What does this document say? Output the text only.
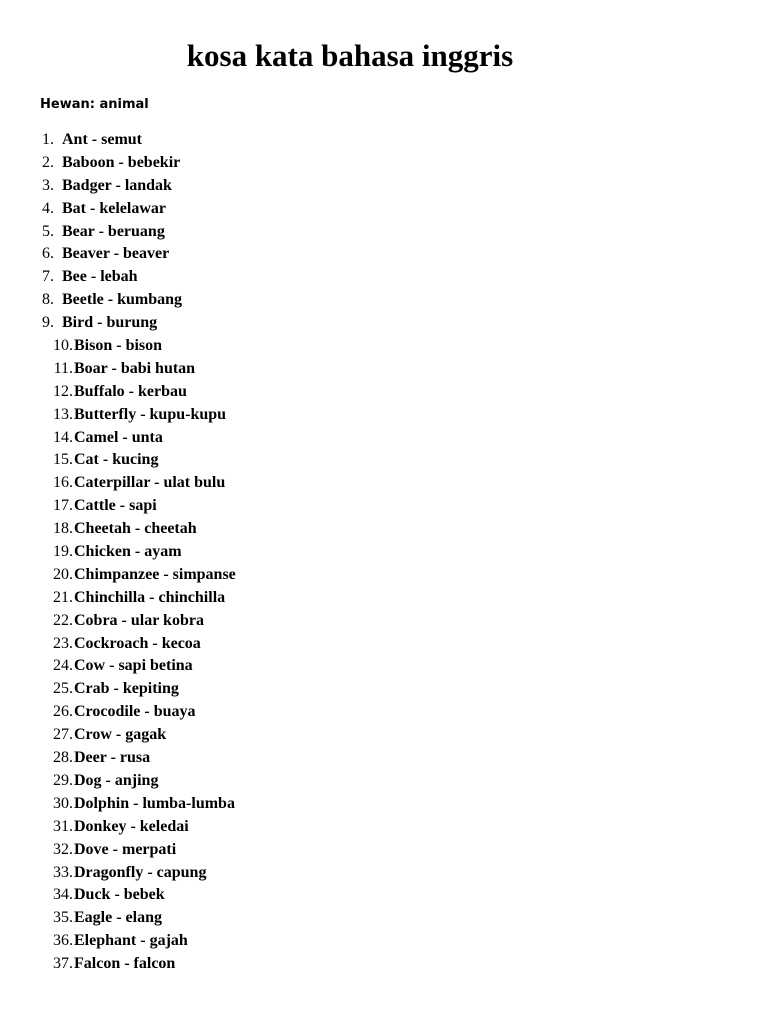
kosa kata bahasa inggris
Hewan: animal
1. Ant - semut
2. Baboon - bebekir
3. Badger - landak
4. Bat - kelelawar
5. Bear - beruang
6. Beaver - beaver
7. Bee - lebah
8. Beetle - kumbang
9. Bird - burung
10. Bison - bison
11. Boar - babi hutan
12. Buffalo - kerbau
13. Butterfly - kupu-kupu
14. Camel - unta
15. Cat - kucing
16. Caterpillar - ulat bulu
17. Cattle - sapi
18. Cheetah - cheetah
19. Chicken - ayam
20. Chimpanzee - simpanse
21. Chinchilla - chinchilla
22. Cobra - ular kobra
23. Cockroach - kecoa
24. Cow - sapi betina
25. Crab - kepiting
26. Crocodile - buaya
27. Crow - gagak
28. Deer - rusa
29. Dog - anjing
30. Dolphin - lumba-lumba
31. Donkey - keledai
32. Dove - merpati
33. Dragonfly - capung
34. Duck - bebek
35. Eagle - elang
36. Elephant - gajah
37. Falcon - falcon
